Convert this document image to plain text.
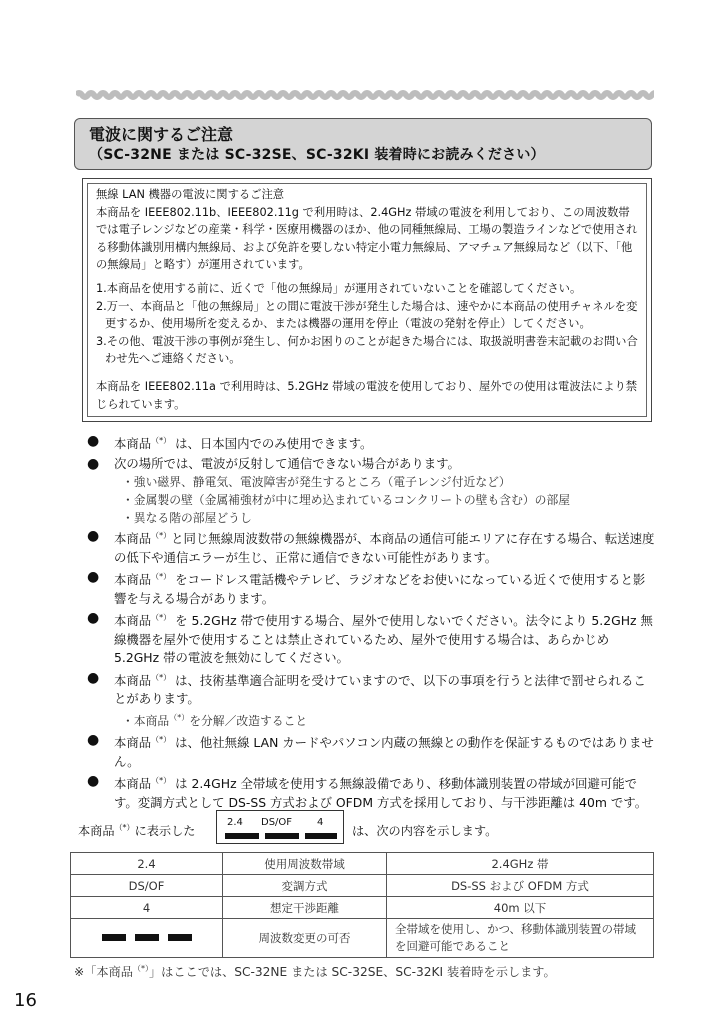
電波に関するご注意
（SC-32NE または SC-32SE、SC-32KI 装着時にお読みください）

無線 LAN 機器の電波に関するご注意

本商品を IEEE802.11b、IEEE802.11g で利用時は、2.4GHz 帯域の電波を利用しており、この周波数帯では電子レンジなどの産業・科学・医療用機器のほか、他の同種無線局、工場の製造ラインなどで使用される移動体識別用構内無線局、および免許を要しない特定小電力無線局、アマチュア無線局など（以下、「他の無線局」と略す）が運用されています。

1.本商品を使用する前に、近くで「他の無線局」が運用されていないことを確認してください。

2.万一、本商品と「他の無線局」との間に電波干渉が発生した場合は、速やかに本商品の使用チャネルを変更するか、使用場所を変えるか、または機器の運用を停止（電波の発射を停止）してください。

3.その他、電波干渉の事例が発生し、何かお困りのことが起きた場合には、取扱説明書巻末記載のお問い合わせ先へご連絡ください。

本商品を IEEE802.11a で利用時は、5.2GHz 帯域の電波を使用しており、屋外での使用は電波法により禁じられています。

● 本商品（*） は、日本国内でのみ使用できます。
● 次の場所では、電波が反射して通信できない場合があります。
・強い磁界、静電気、電波障害が発生するところ（電子レンジ付近など）
・金属製の壁（金属補強材が中に埋め込まれているコンクリートの壁も含む）の部屋
・異なる階の部屋どうし
● 本商品（*）と同じ無線周波数帯の無線機器が、本商品の通信可能エリアに存在する場合、転送速度の低下や通信エラーが生じ、正常に通信できない可能性があります。
● 本商品（*） をコードレス電話機やテレビ、ラジオなどをお使いになっている近くで使用すると影響を与える場合があります。
● 本商品（*） を 5.2GHz 帯で使用する場合、屋外で使用しないでください。法令により 5.2GHz 無線機器を屋外で使用することは禁止されているため、屋外で使用する場合は、あらかじめ 5.2GHz 帯の電波を無効にしてください。
● 本商品（*） は、技術基準適合証明を受けていますので、以下の事項を行うと法律で罰せられることがあります。
・本商品（*）を分解／改造すること
● 本商品（*） は、他社無線 LAN カードやパソコン内蔵の無線との動作を保証するものではありません。
● 本商品（*） は 2.4GHz 全帯域を使用する無線設備であり、移動体識別装置の帯域が回避可能です。変調方式として DS-SS 方式および OFDM 方式を採用しており、与干渉距離は 40m です。
本商品（*）に表示した
2.4 DS/OF 4
は、次の内容を示します。
2.4	使用周波数帯域	2.4GHz 帯
DS/OF	変調方式	DS-SS および OFDM 方式
4	想定干渉距離	40m 以下

	周波数変更の可否	全帯域を使用し、かつ、移動体識別装置の帯域を回避可能であること
※「本商品（*）」はここでは、SC-32NE または SC-32SE、SC-32KI 装着時を示します。
16
